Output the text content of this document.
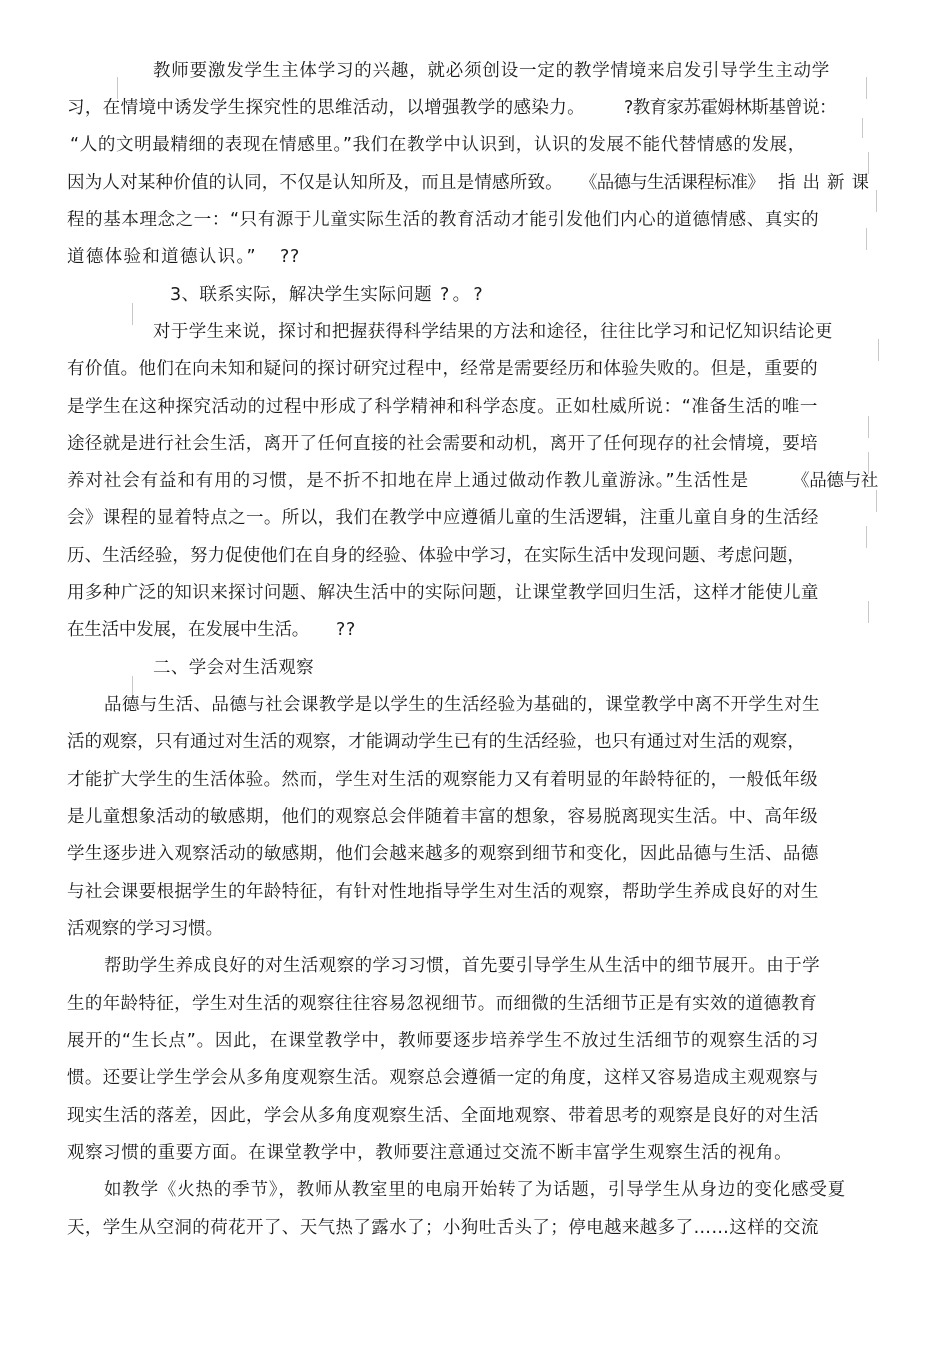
教师要激发学生主体学习的兴趣，就必须创设一定的教学情境来启发引导学生主动学
习，在情境中诱发学生探究性的思维活动，以增强教学的感染力。 ?教育家苏霍姆林斯基曾说：
“人的文明最精细的表现在情感里。”我们在教学中认识到，认识的发展不能代替情感的发展，
因为人对某种价值的认同，不仅是认知所及，而且是情感所致。 《品德与生活课程标准》 指出新课
程的基本理念之一：“只有源于儿童实际生活的教育活动才能引发他们内心的道德情感、真实的
道德体验和道德认识。” ??
3、联系实际，解决学生实际问题 ?。?
对于学生来说，探讨和把握获得科学结果的方法和途径，往往比学习和记忆知识结论更
有价值。他们在向未知和疑问的探讨研究过程中，经常是需要经历和体验失败的。但是，重要的
是学生在这种探究活动的过程中形成了科学精神和科学态度。正如杜威所说：“准备生活的唯一
途径就是进行社会生活，离开了任何直接的社会需要和动机，离开了任何现存的社会情境，要培
养对社会有益和有用的习惯，是不折不扣地在岸上通过做动作教儿童游泳。”生活性是 《品德与社
会》课程的显着特点之一。所以，我们在教学中应遵循儿童的生活逻辑，注重儿童自身的生活经
历、生活经验，努力促使他们在自身的经验、体验中学习，在实际生活中发现问题、考虑问题，
用多种广泛的知识来探讨问题、解决生活中的实际问题，让课堂教学回归生活，这样才能使儿童
在生活中发展，在发展中生活。 ??
二、学会对生活观察
品德与生活、品德与社会课教学是以学生的生活经验为基础的，课堂教学中离不开学生对生
活的观察，只有通过对生活的观察，才能调动学生已有的生活经验，也只有通过对生活的观察，
才能扩大学生的生活体验。然而，学生对生活的观察能力又有着明显的年龄特征的，一般低年级
是儿童想象活动的敏感期，他们的观察总会伴随着丰富的想象，容易脱离现实生活。中、高年级
学生逐步进入观察活动的敏感期，他们会越来越多的观察到细节和变化，因此品德与生活、品德
与社会课要根据学生的年龄特征，有针对性地指导学生对生活的观察，帮助学生养成良好的对生
活观察的学习习惯。
帮助学生养成良好的对生活观察的学习习惯，首先要引导学生从生活中的细节展开。由于学
生的年龄特征，学生对生活的观察往往容易忽视细节。而细微的生活细节正是有实效的道德教育
展开的“生长点”。因此，在课堂教学中，教师要逐步培养学生不放过生活细节的观察生活的习
惯。还要让学生学会从多角度观察生活。观察总会遵循一定的角度，这样又容易造成主观观察与
现实生活的落差，因此，学会从多角度观察生活、全面地观察、带着思考的观察是良好的对生活
观察习惯的重要方面。在课堂教学中，教师要注意通过交流不断丰富学生观察生活的视角。
如教学《火热的季节》，教师从教室里的电扇开始转了为话题，引导学生从身边的变化感受夏
天，学生从空洞的荷花开了、天气热了露水了；小狗吐舌头了；停电越来越多了……这样的交流
